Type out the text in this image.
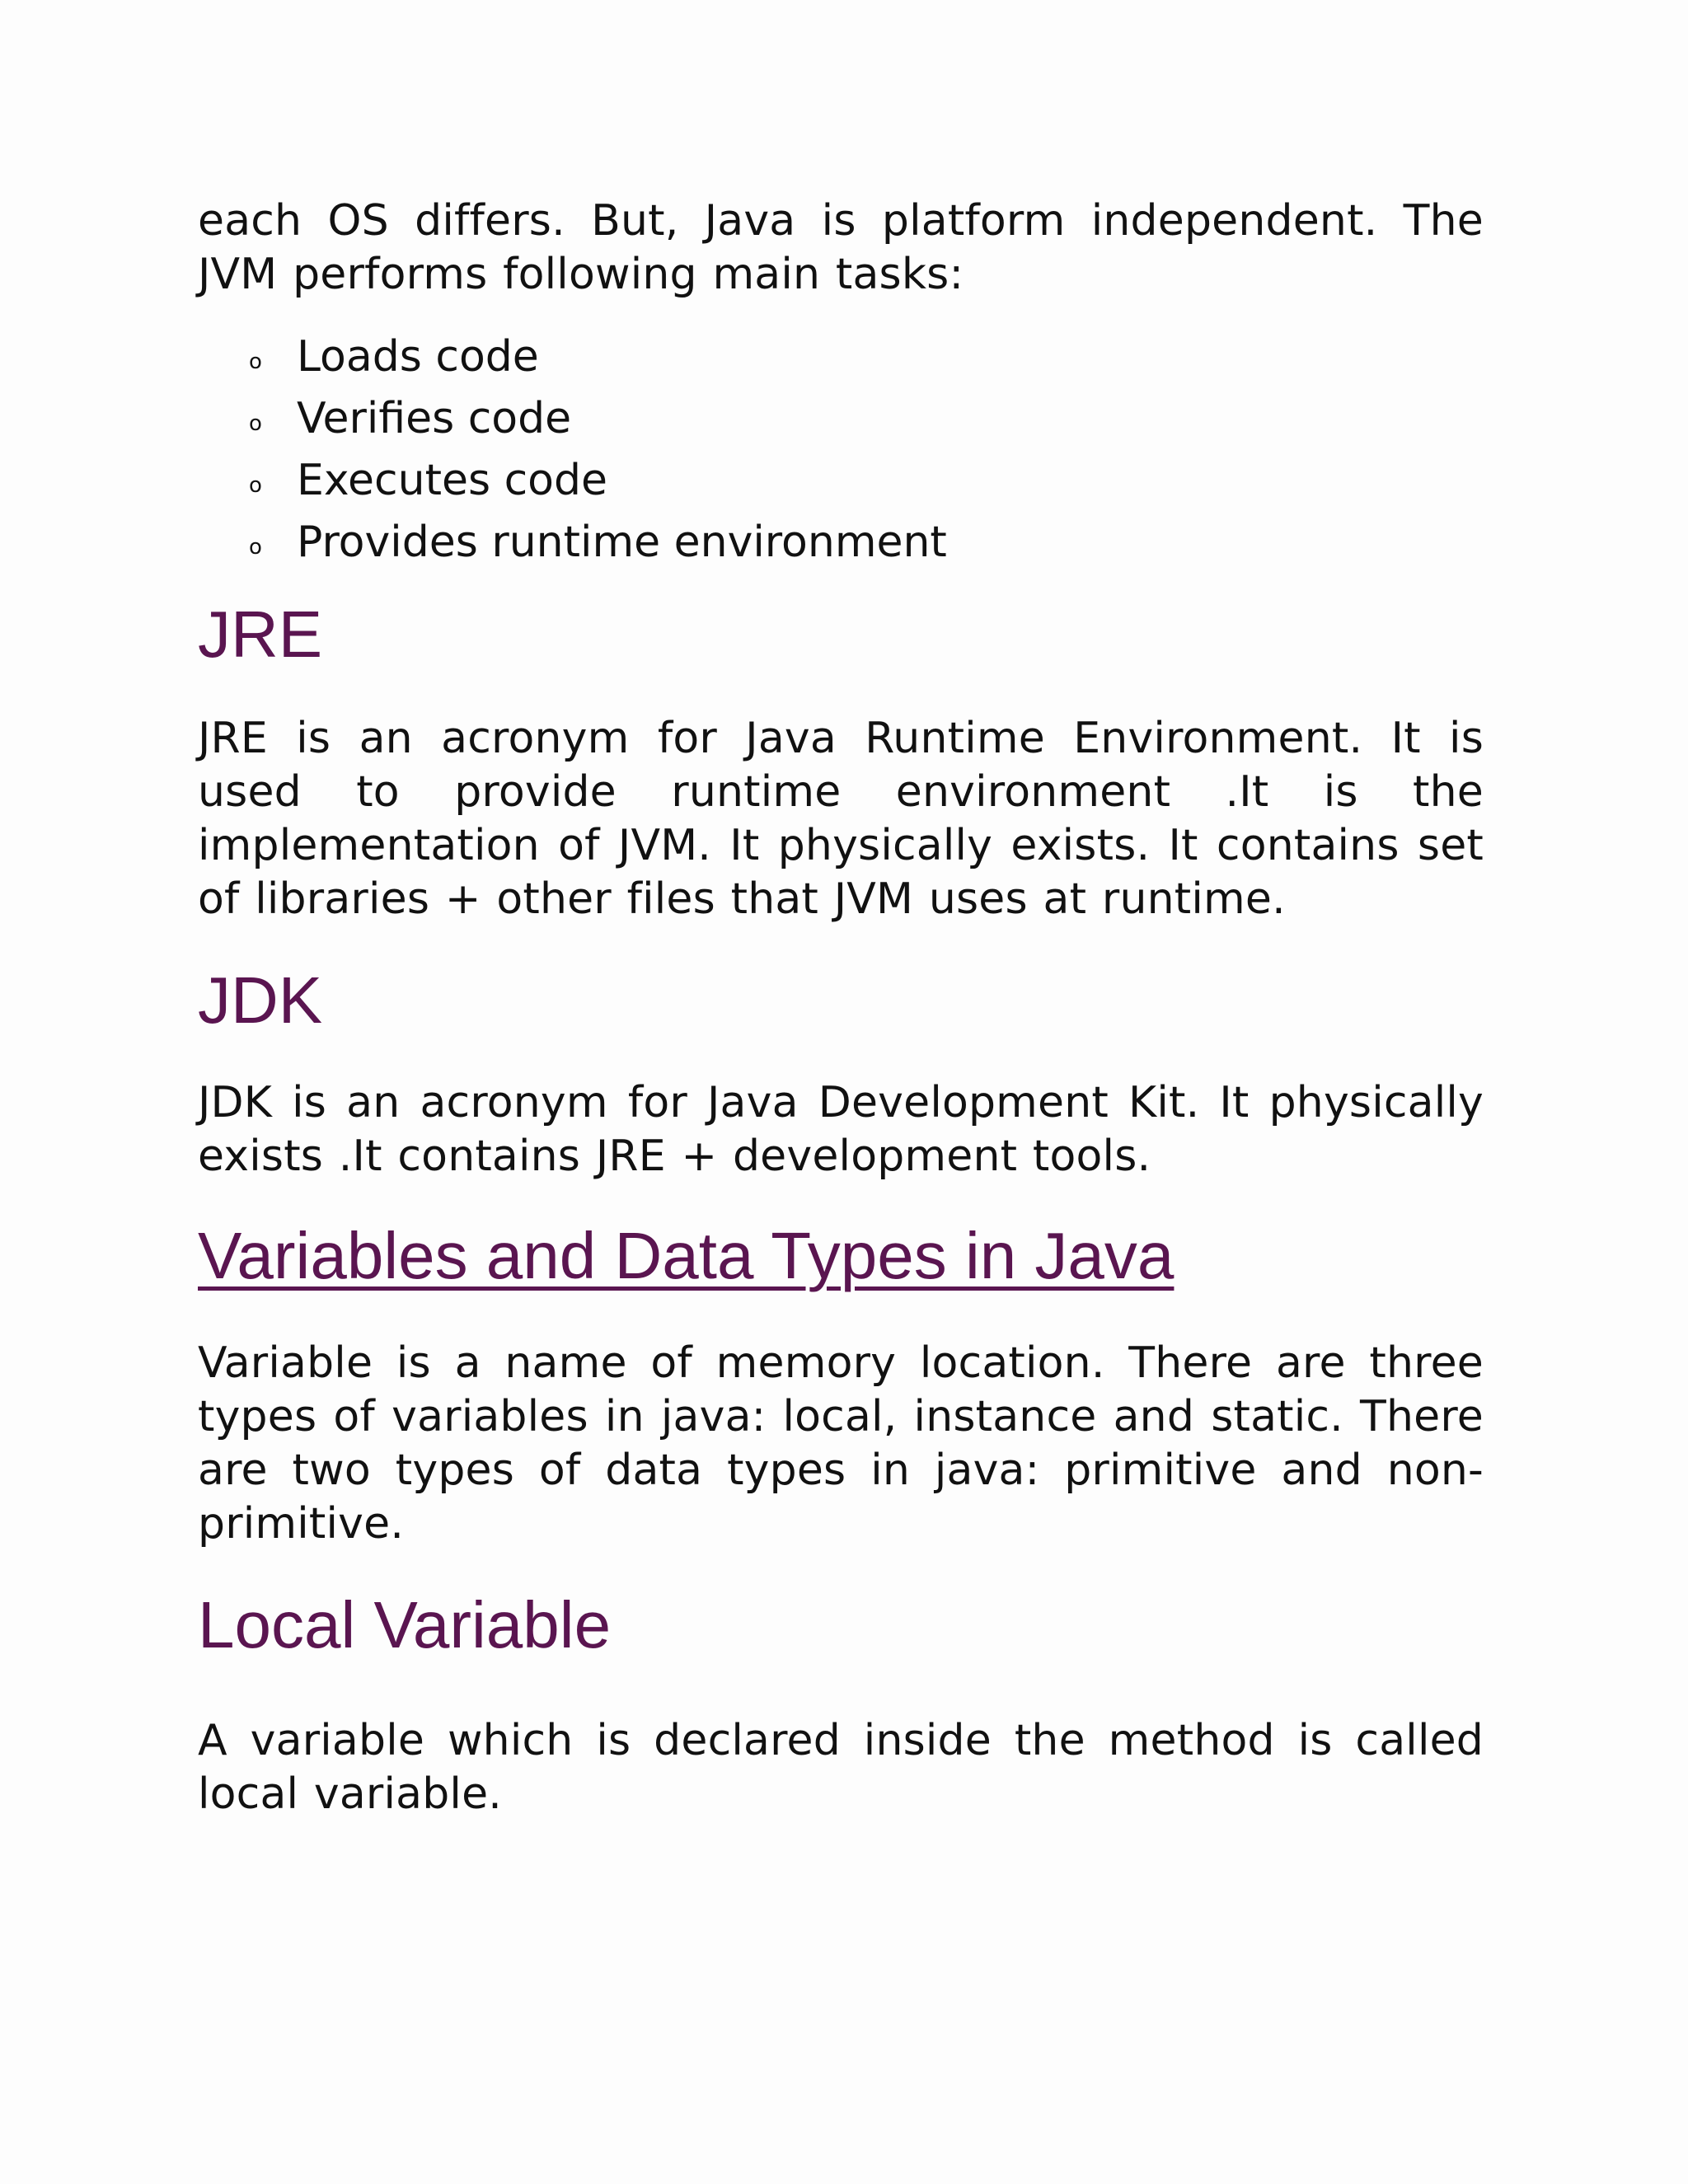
each OS differs. But, Java is platform independent. The JVM performs following main tasks:

o Loads code
o Verifies code
o Executes code
o Provides runtime environment
JRE

JRE is an acronym for Java Runtime Environment. It is used to provide runtime environment .It is the implementation of JVM. It physically exists. It contains set of libraries + other files that JVM uses at runtime.

JDK

JDK is an acronym for Java Development Kit. It physically exists .It contains JRE + development tools.

Variables and Data Types in Java

Variable is a name of memory location. There are three types of variables in java: local, instance and static. There are two types of data types in java: primitive and non-primitive.

Local Variable

A variable which is declared inside the method is called local variable.
